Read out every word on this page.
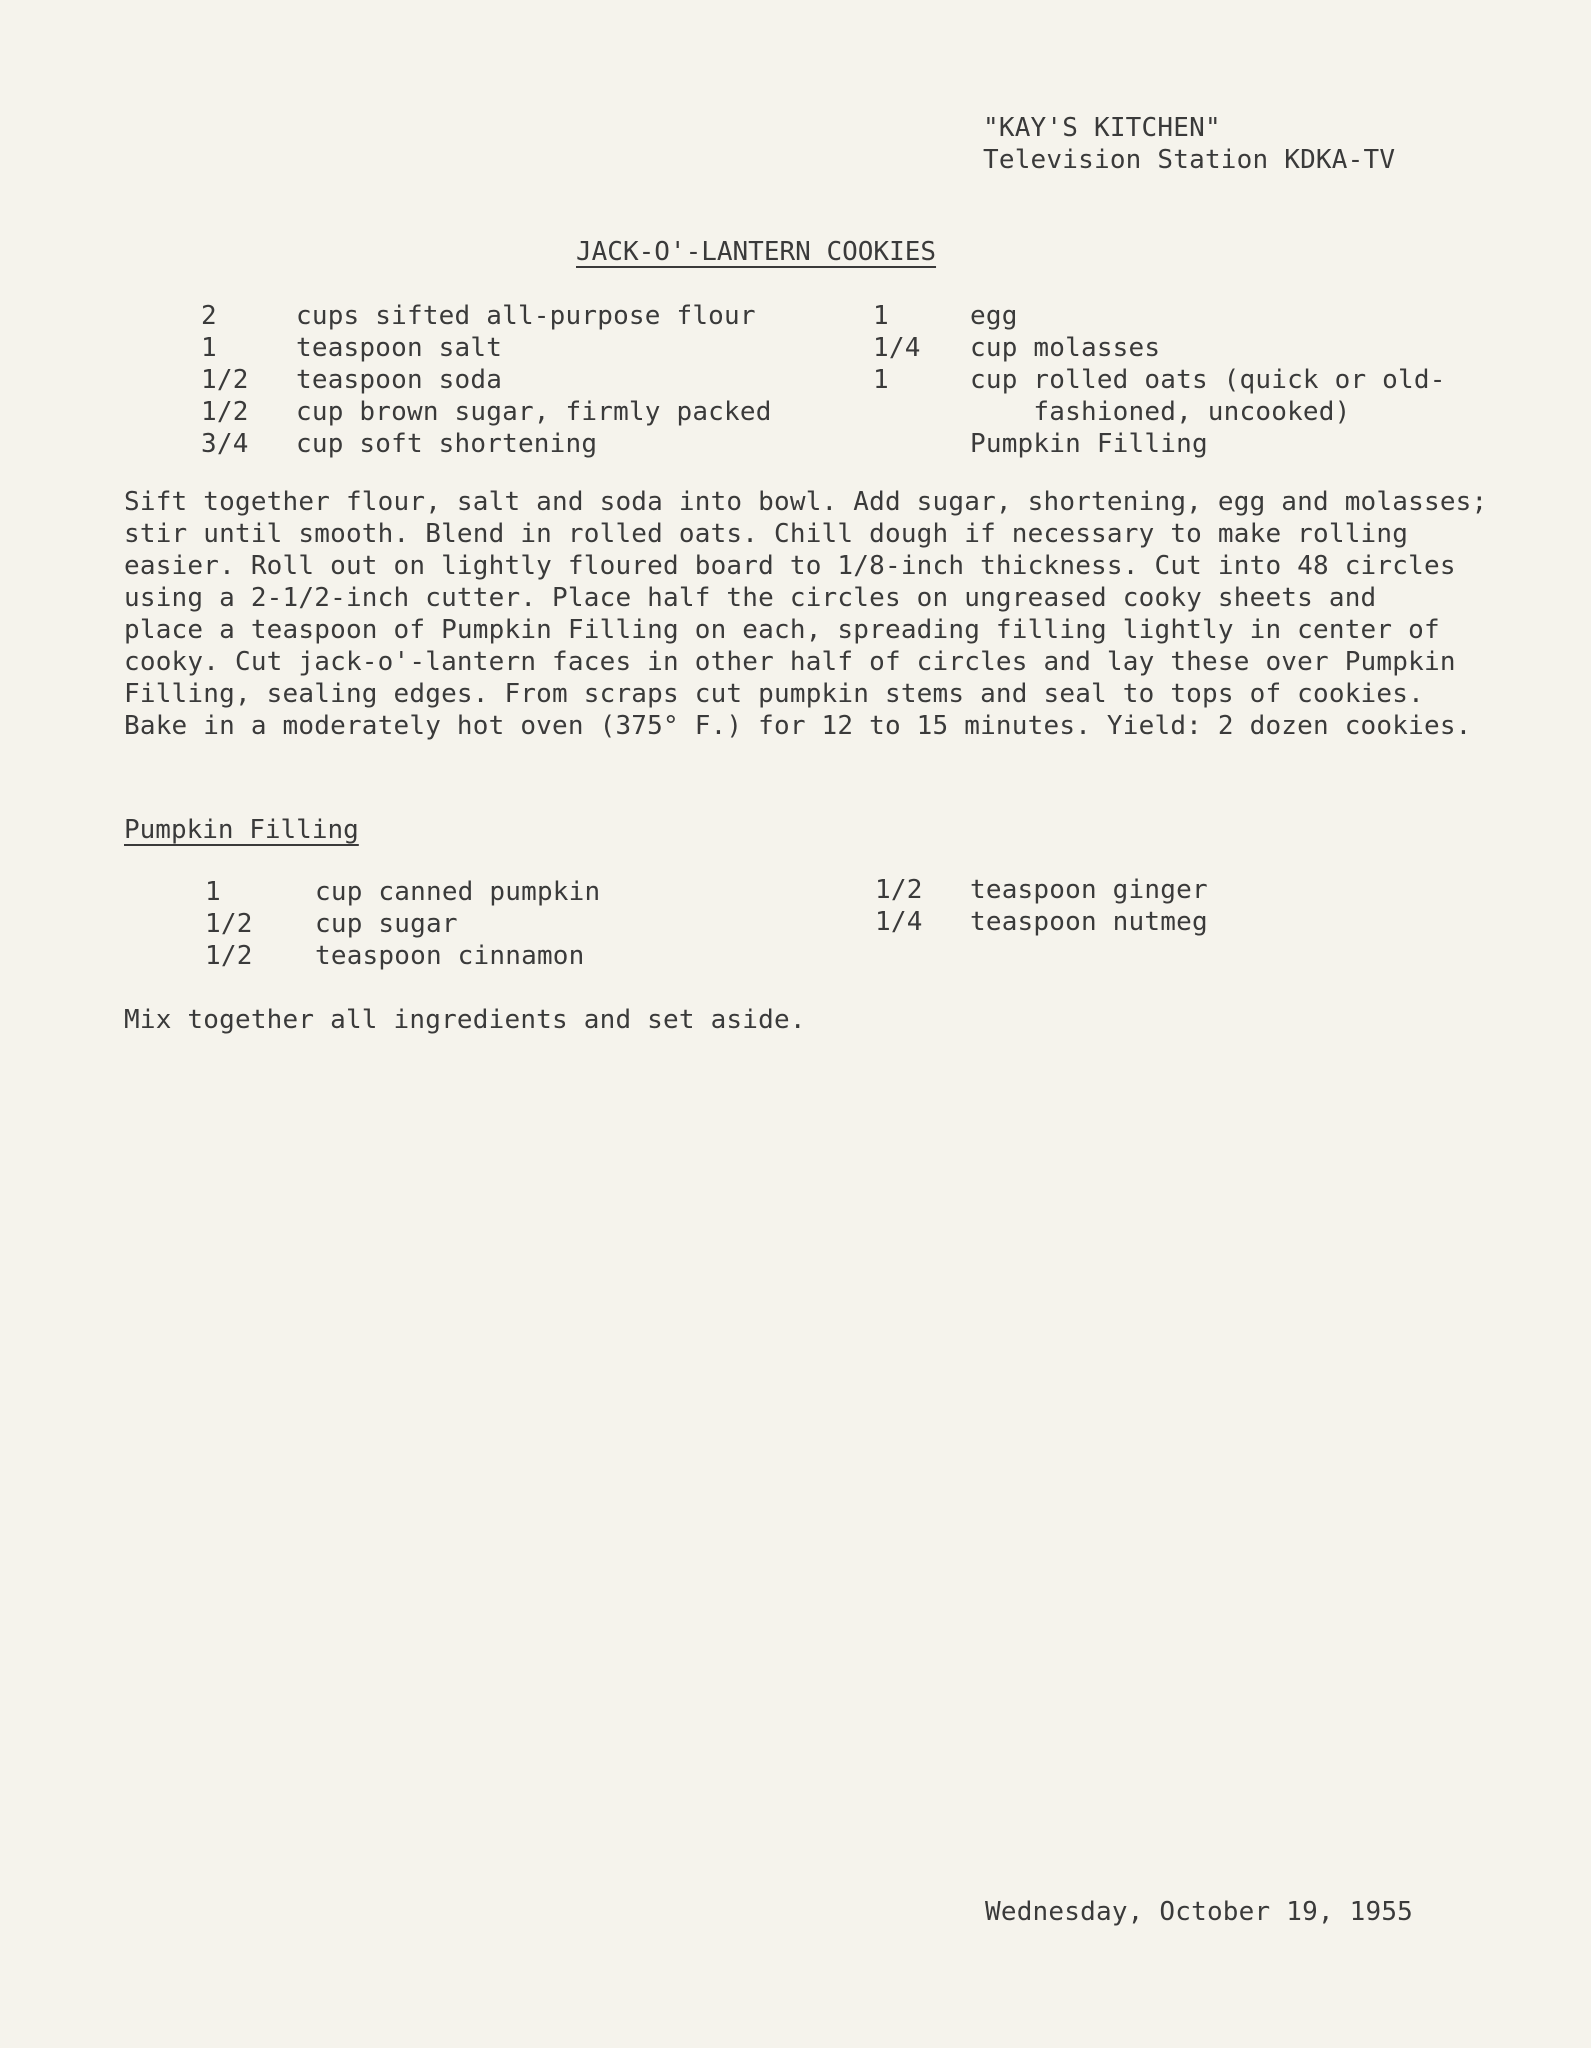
"KAY'S KITCHEN"
Television Station KDKA-TV
JACK-O'-LANTERN COOKIES
2	cups sifted all-purpose flour
1	teaspoon salt
1/2 teaspoon soda
1/2 cup brown sugar, firmly packed
3/4 cup soft shortening
1	egg
1/4 cup molasses
1	cup rolled oats (quick or old-
fashioned, uncooked)
Pumpkin Filling
Sift together flour, salt and soda into bowl. Add sugar, shortening, egg and molasses;
stir until smooth. Blend in rolled oats. Chill dough if necessary to make rolling
easier. Roll out on lightly floured board to 1/8-inch thickness. Cut into 48 circles
using a 2-1/2-inch cutter. Place half the circles on ungreased cooky sheets and
place a teaspoon of Pumpkin Filling on each, spreading filling lightly in center of
cooky. Cut jack-o'-lantern faces in other half of circles and lay these over Pumpkin
Filling, sealing edges. From scraps cut pumpkin stems and seal to tops of cookies.
Bake in a moderately hot oven (375° F.) for 12 to 15 minutes. Yield: 2 dozen cookies.
Pumpkin Filling
1	cup canned pumpkin
1/2 cup sugar
1/2 teaspoon cinnamon
1/2 teaspoon ginger
1/4 teaspoon nutmeg
Mix together all ingredients and set aside.
Wednesday, October 19, 1955
